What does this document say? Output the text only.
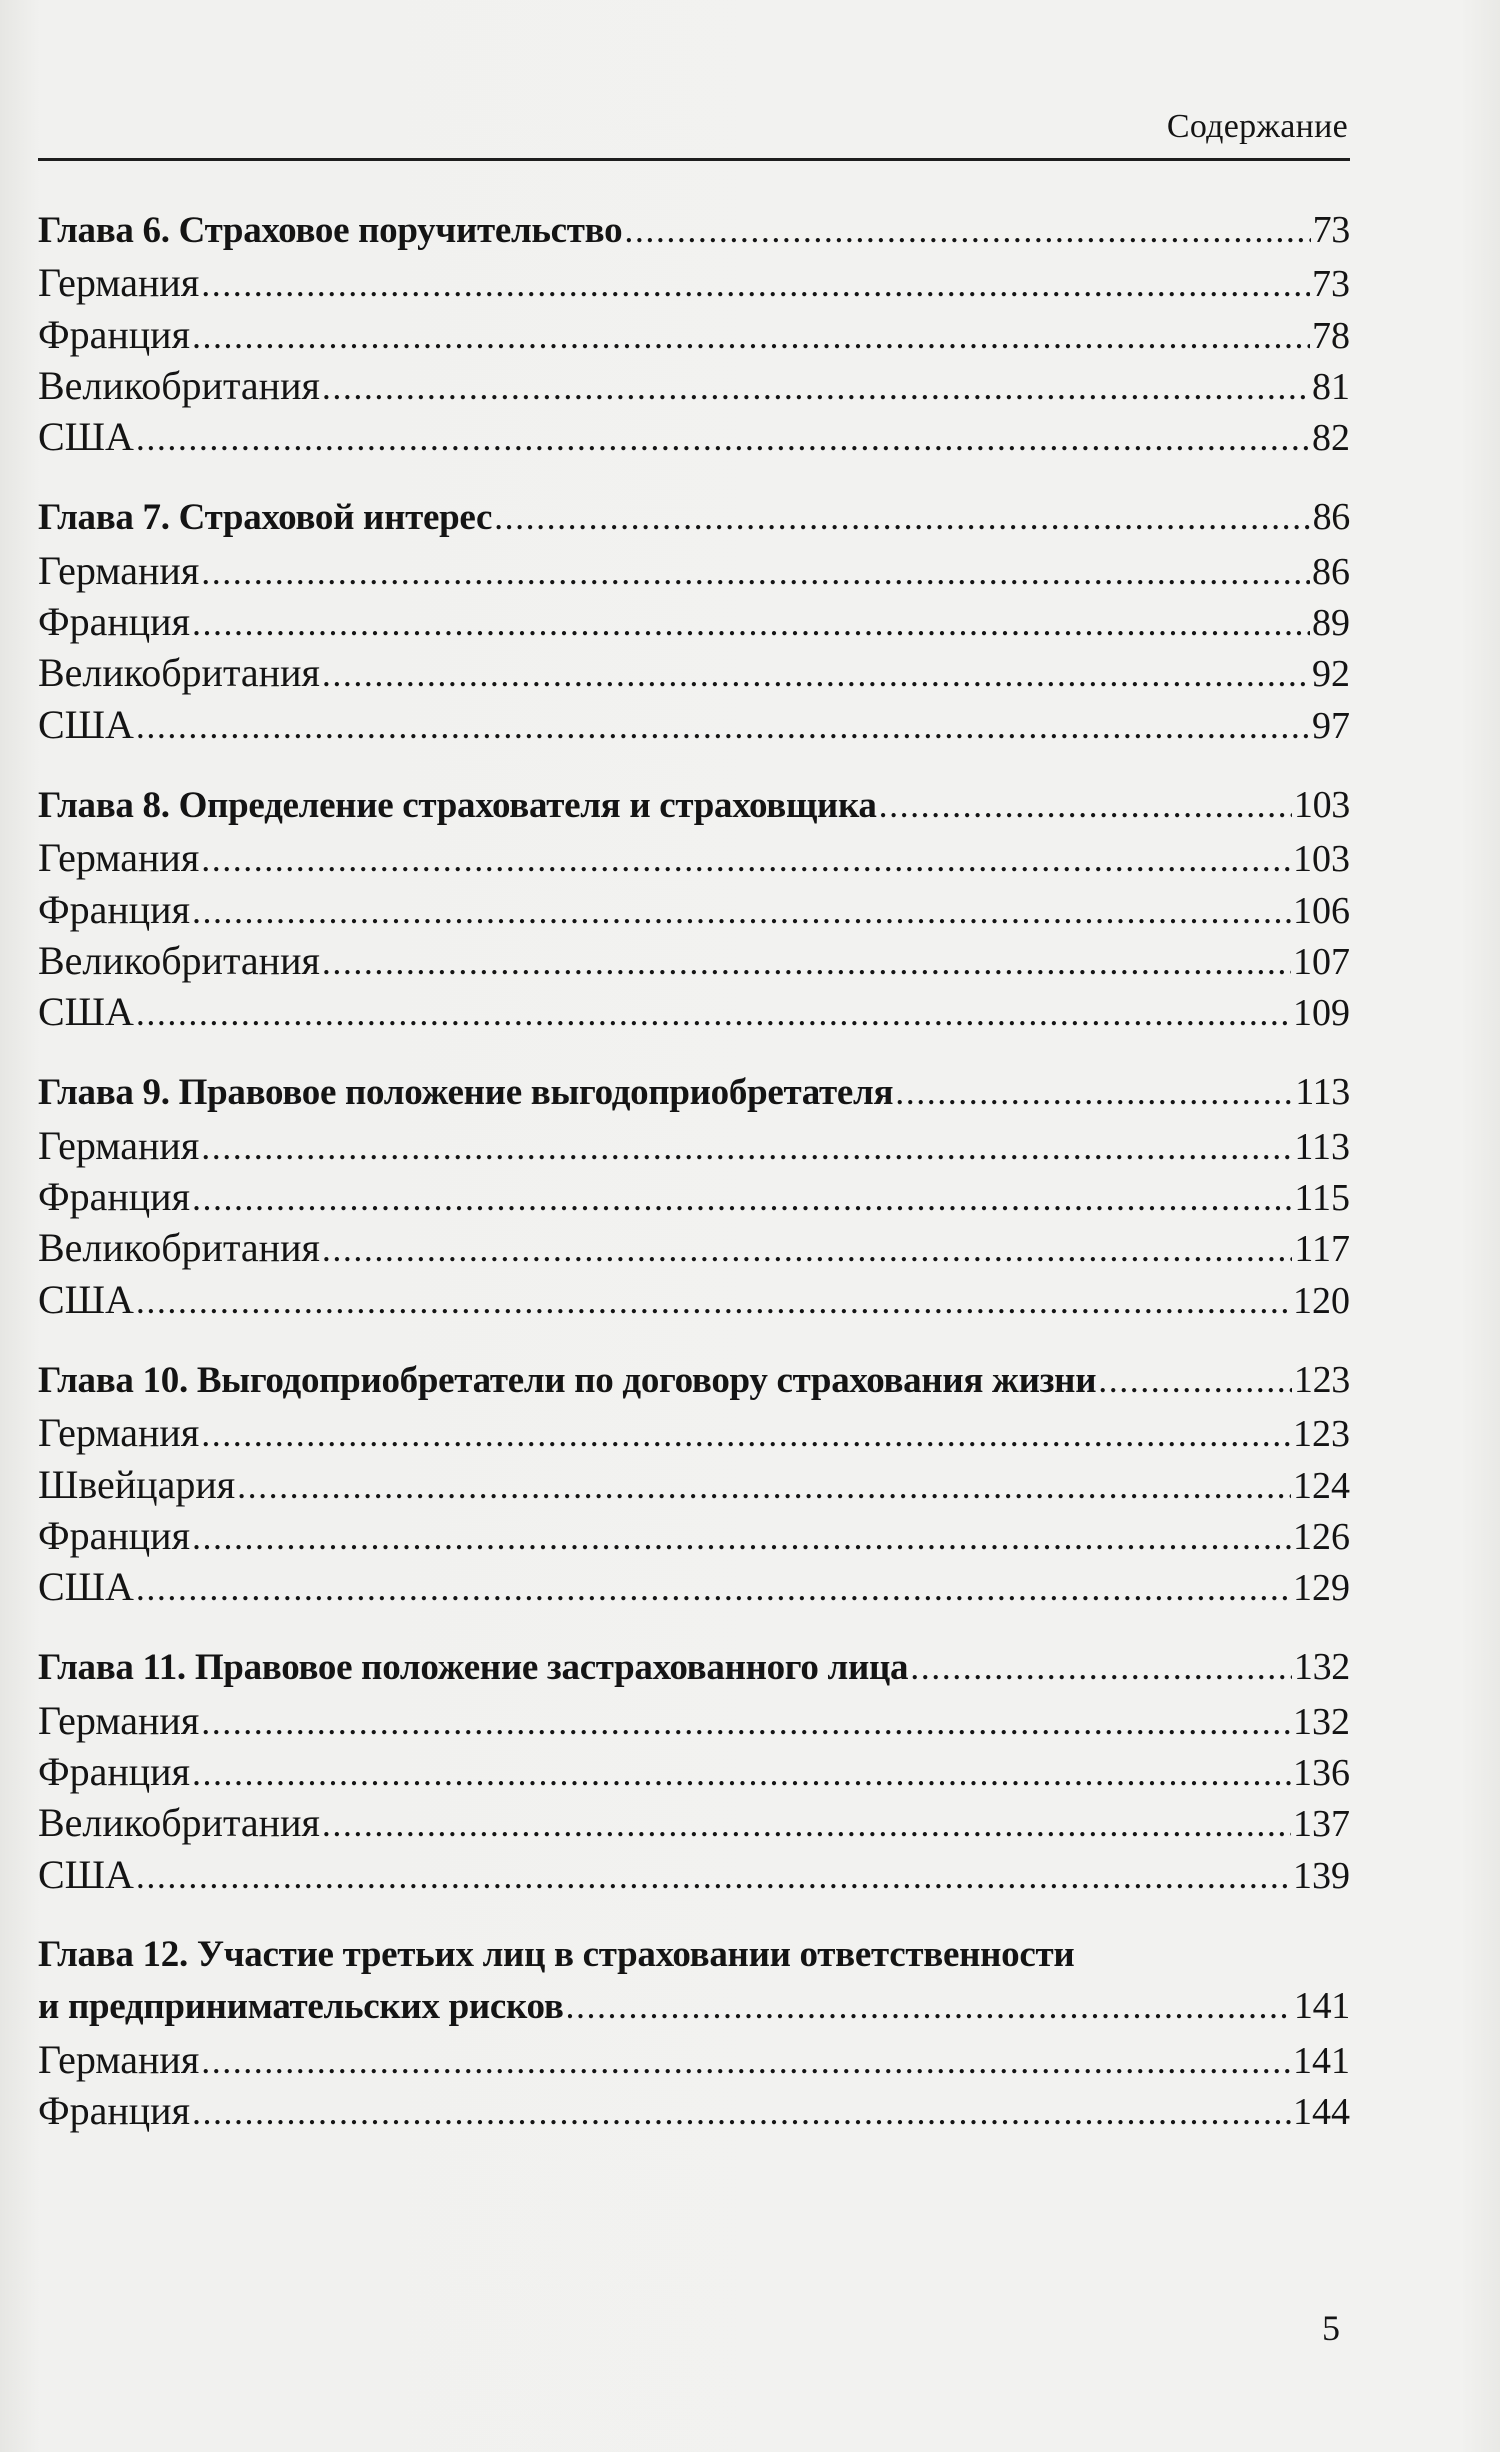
Содержание
Глава 6. Страховое поручительство .....	73
Германия .....	73
Франция .....	78
Великобритания .....	81
США .....	82
Глава 7. Страховой интерес .....	86
Германия .....	86
Франция .....	89
Великобритания .....	92
США .....	97
Глава 8. Определение страхователя и страховщика .....	103
Германия .....	103
Франция .....	106
Великобритания .....	107
США .....	109
Глава 9. Правовое положение выгодоприобретателя .....	113
Германия .....	113
Франция .....	115
Великобритания .....	117
США .....	120
Глава 10. Выгодоприобретатели по договору страхования жизни .....	123
Германия .....	123
Швейцария .....	124
Франция .....	126
США .....	129
Глава 11. Правовое положение застрахованного лица .....	132
Германия .....	132
Франция .....	136
Великобритания .....	137
США .....	139
Глава 12. Участие третьих лиц в страховании ответственности
и предпринимательских рисков .....	141
Германия .....	141
Франция .....	144
5
